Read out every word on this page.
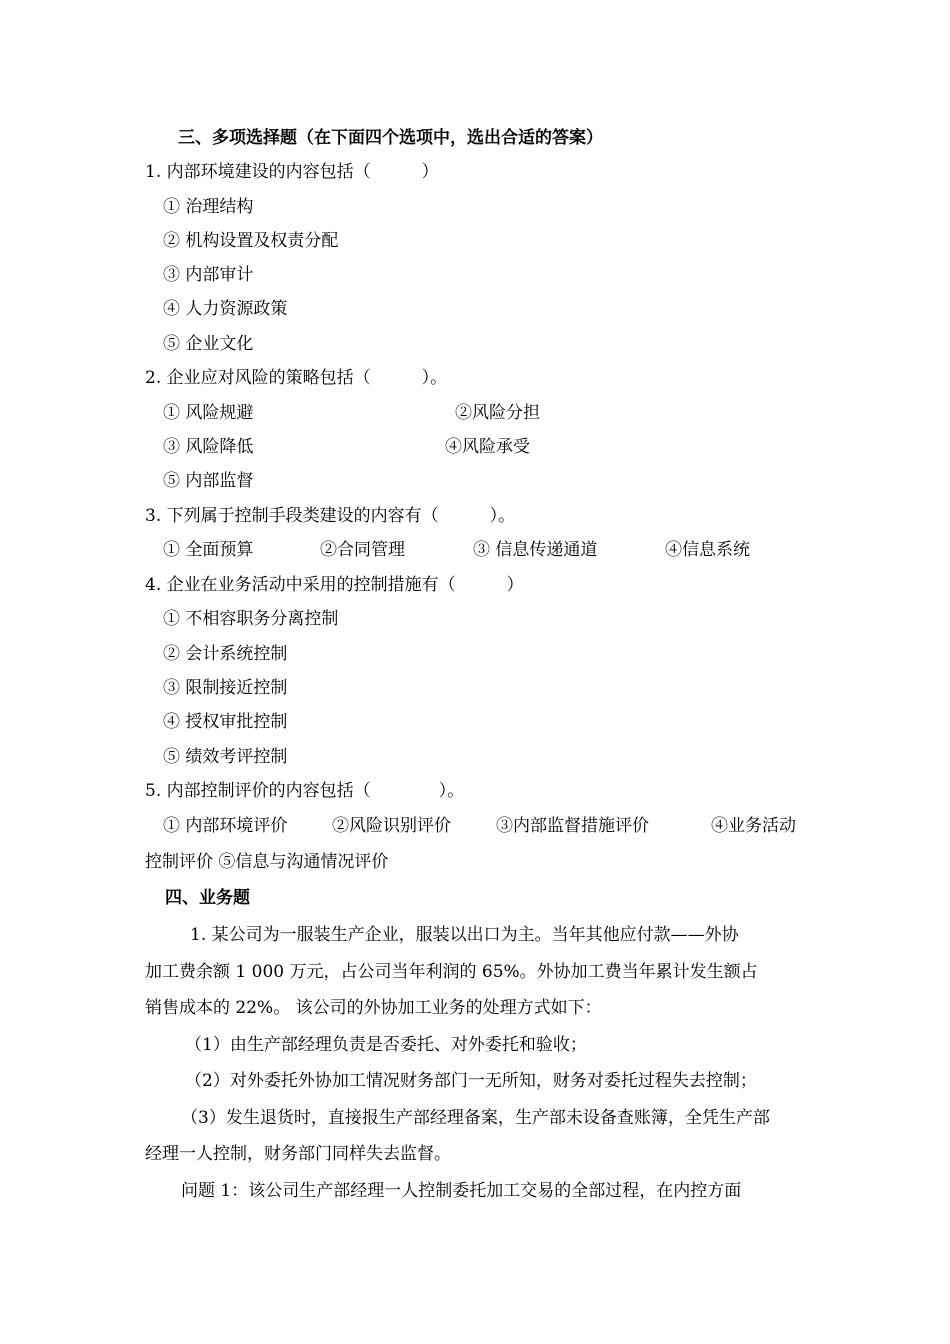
三、多项选择题（在下面四个选项中，选出合适的答案）
1. 内部环境建设的内容包括（　　　）
① 治理结构
② 机构设置及权责分配
③ 内部审计
④ 人力资源政策
⑤ 企业文化
2. 企业应对风险的策略包括（　　　）。
① 风险规避	②风险分担
③ 风险降低	④风险承受
⑤ 内部监督
3. 下列属于控制手段类建设的内容有（　　　）。
① 全面预算	②合同管理	③ 信息传递通道	④信息系统
4. 企业在业务活动中采用的控制措施有（　　　）
① 不相容职务分离控制
② 会计系统控制
③ 限制接近控制
④ 授权审批控制
⑤ 绩效考评控制
5. 内部控制评价的内容包括（　　　　）。
① 内部环境评价	②风险识别评价	③内部监督措施评价	④业务活动
控制评价 ⑤信息与沟通情况评价
四、业务题
1. 某公司为一服装生产企业，服装以出口为主。当年其他应付款——外协
加工费余额 1 000 万元，占公司当年利润的 65%。外协加工费当年累计发生额占
销售成本的 22%。 该公司的外协加工业务的处理方式如下：
（1）由生产部经理负责是否委托、对外委托和验收；
（2）对外委托外协加工情况财务部门一无所知，财务对委托过程失去控制；
（3）发生退货时，直接报生产部经理备案，生产部未设备查账簿，全凭生产部
经理一人控制，财务部门同样失去监督。
问题 1：该公司生产部经理一人控制委托加工交易的全部过程，在内控方面
